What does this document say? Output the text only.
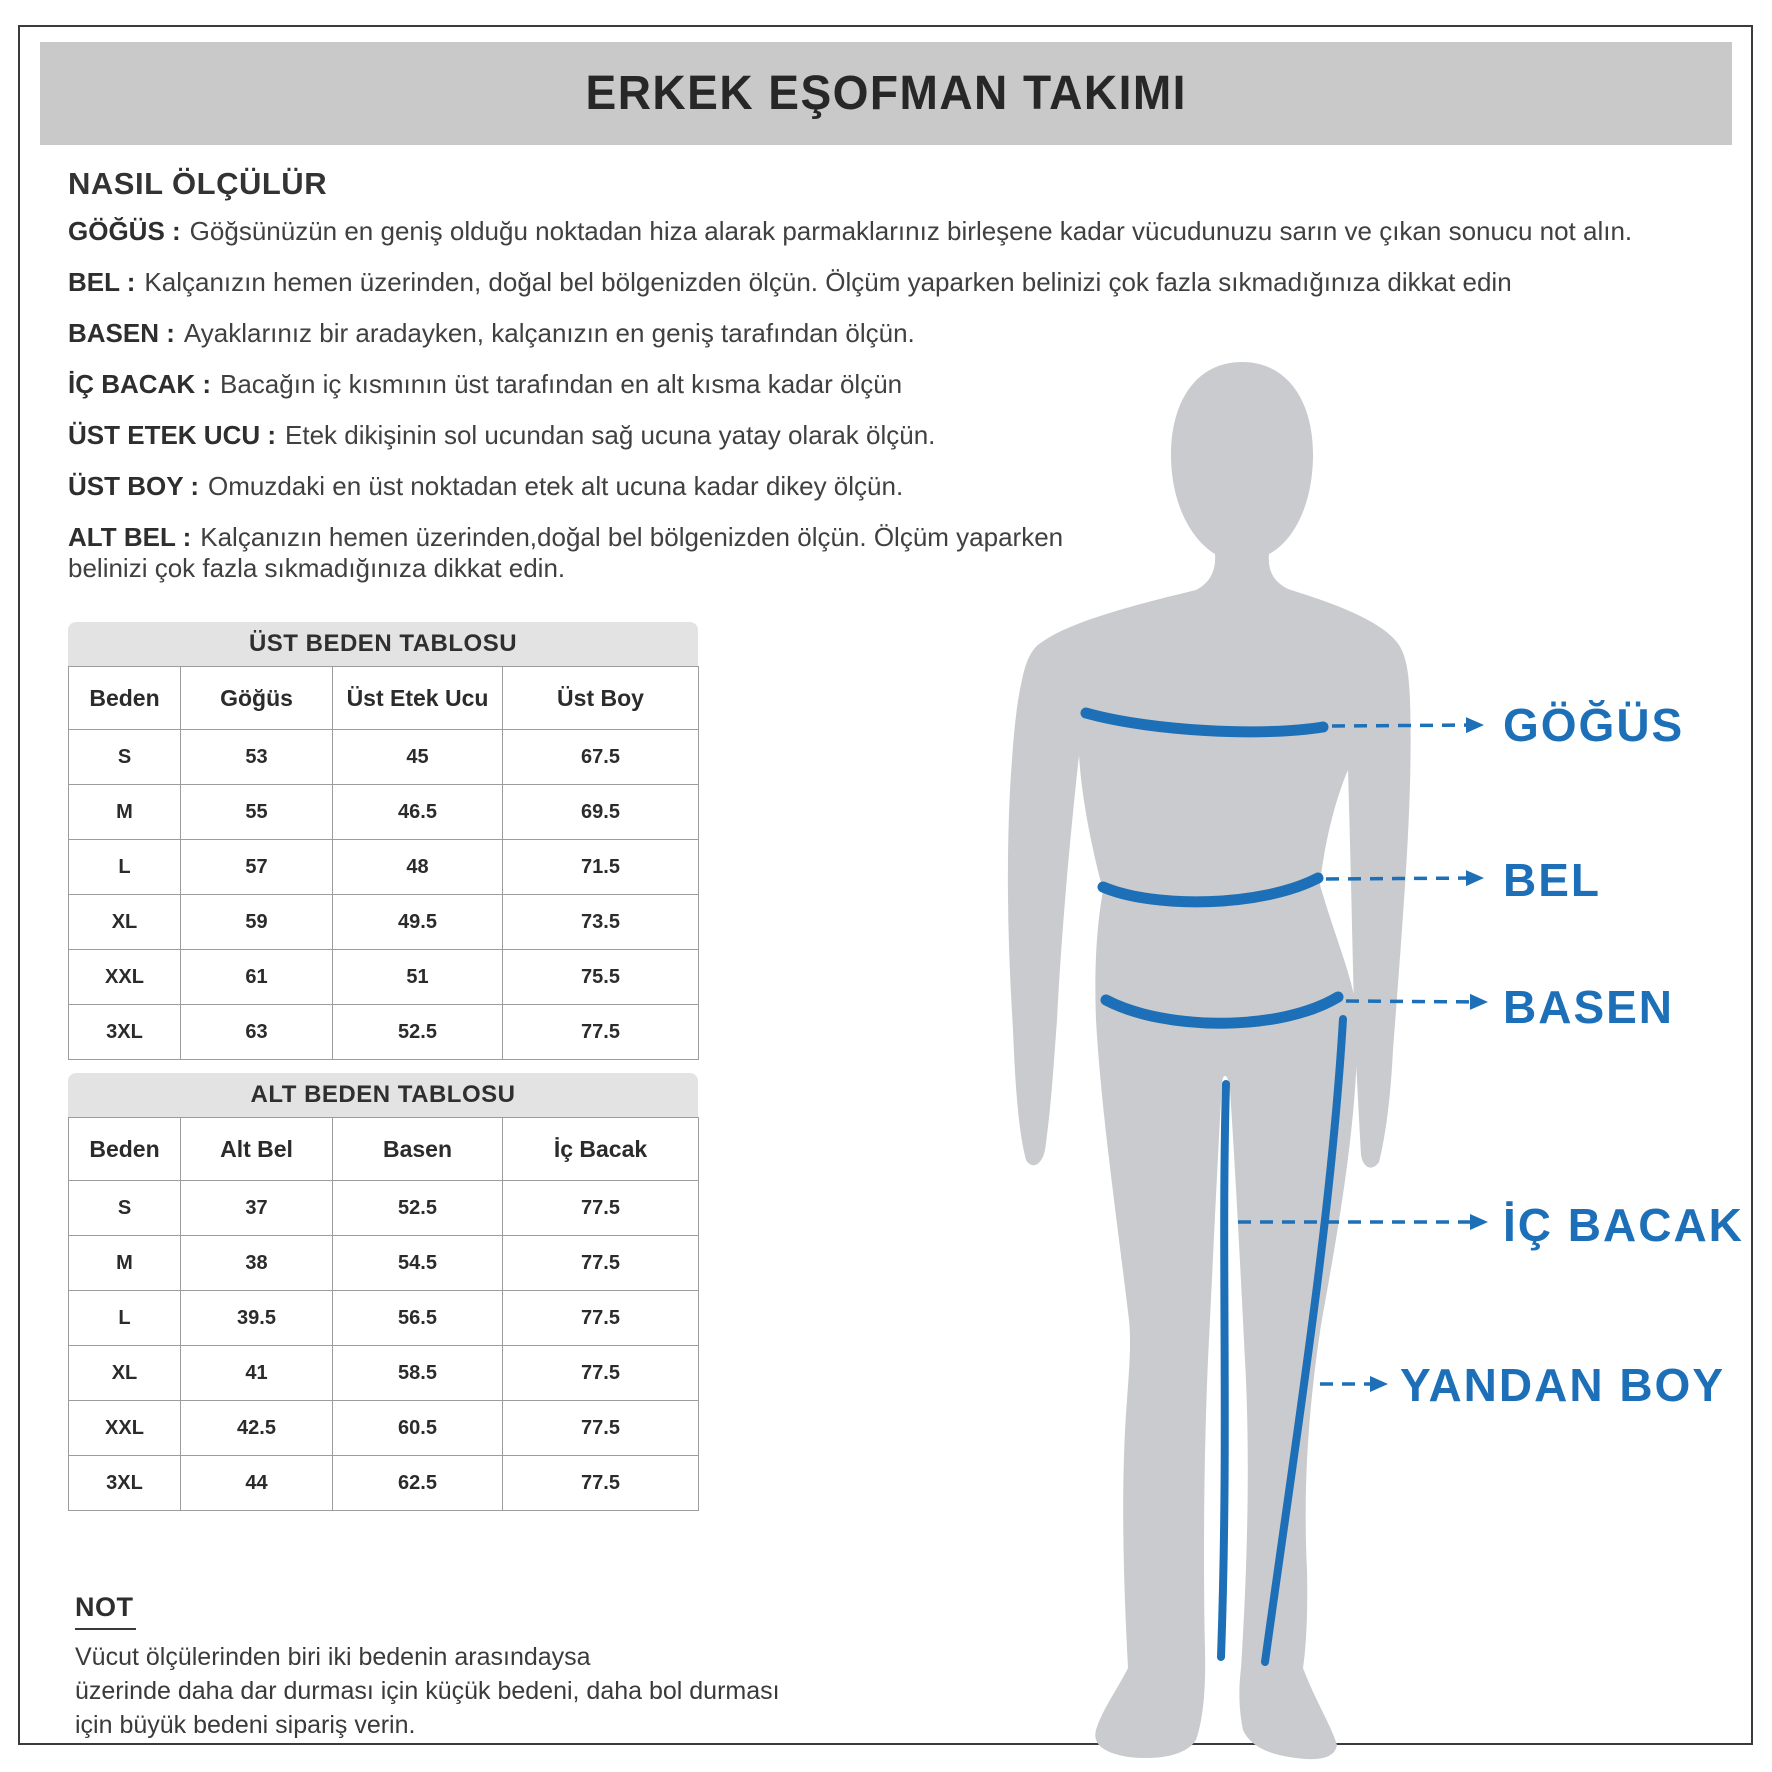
ERKEK EŞOFMAN TAKIMI
NASIL ÖLÇÜLÜR
GÖĞÜS : Göğsünüzün en geniş olduğu noktadan hiza alarak parmaklarınız birleşene kadar vücudunuzu sarın ve çıkan sonucu not alın.
BEL : Kalçanızın hemen üzerinden, doğal bel bölgenizden ölçün. Ölçüm yaparken belinizi çok fazla sıkmadığınıza dikkat edin
BASEN : Ayaklarınız bir aradayken, kalçanızın en geniş tarafından ölçün.
İÇ BACAK : Bacağın iç kısmının üst tarafından en alt kısma kadar ölçün
ÜST ETEK UCU : Etek dikişinin sol ucundan sağ ucuna yatay olarak ölçün.
ÜST BOY : Omuzdaki en üst noktadan etek alt ucuna kadar dikey ölçün.
ALT BEL : Kalçanızın hemen üzerinden,doğal bel bölgenizden ölçün. Ölçüm yaparken belinizi çok fazla sıkmadığınıza dikkat edin.
ÜST BEDEN TABLOSU
Beden	Göğüs	Üst Etek Ucu	Üst Boy
S	53	45	67.5
M	55	46.5	69.5
L	57	48	71.5
XL	59	49.5	73.5
XXL	61	51	75.5
3XL	63	52.5	77.5
ALT BEDEN TABLOSU
Beden	Alt Bel	Basen	İç Bacak
S	37	52.5	77.5
M	38	54.5	77.5
L	39.5	56.5	77.5
XL	41	58.5	77.5
XXL	42.5	60.5	77.5
3XL	44	62.5	77.5
GÖĞÜS
BEL
BASEN
İÇ BACAK
YANDAN BOY
NOT
Vücut ölçülerinden biri iki bedenin arasındaysa
üzerinde daha dar durması için küçük bedeni, daha bol durması
için büyük bedeni sipariş verin.
